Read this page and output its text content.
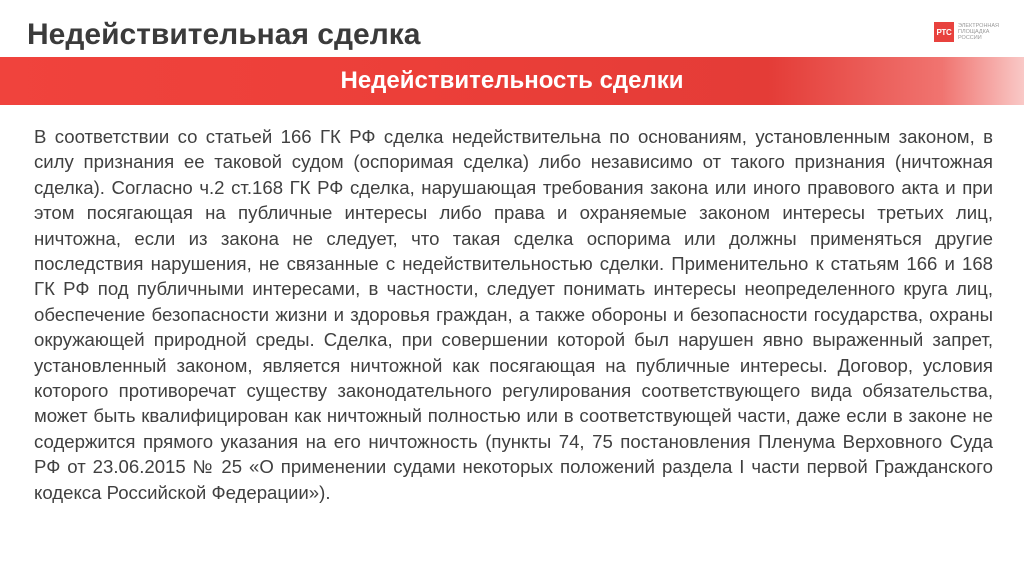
Недействительная сделка	РТС
ЭЛЕКТРОННАЯ ПЛОЩАДКА РОССИИ
Недействительность сделки

В соответствии со статьей 166 ГК РФ сделка недействительна по основаниям, установленным законом, в силу признания ее таковой судом (оспоримая сделка) либо независимо от такого признания (ничтожная сделка). Согласно ч.2 ст.168 ГК РФ сделка, нарушающая требования закона или иного правового акта и при этом посягающая на публичные интересы либо права и охраняемые законом интересы третьих лиц, ничтожна, если из закона не следует, что такая сделка оспорима или должны применяться другие последствия нарушения, не связанные с недействительностью сделки. Применительно к статьям 166 и 168 ГК РФ под публичными интересами, в частности, следует понимать интересы неопределенного круга лиц, обеспечение безопасности жизни и здоровья граждан, а также обороны и безопасности государства, охраны окружающей природной среды. Сделка, при совершении которой был нарушен явно выраженный запрет, установленный законом, является ничтожной как посягающая на публичные интересы. Договор, условия которого противоречат существу законодательного регулирования соответствующего вида обязательства, может быть квалифицирован как ничтожный полностью или в соответствующей части, даже если в законе не содержится прямого указания на его ничтожность (пункты 74, 75 постановления Пленума Верховного Суда РФ от 23.06.2015 № 25 «О применении судами некоторых положений раздела I части первой Гражданского кодекса Российской Федерации»).
